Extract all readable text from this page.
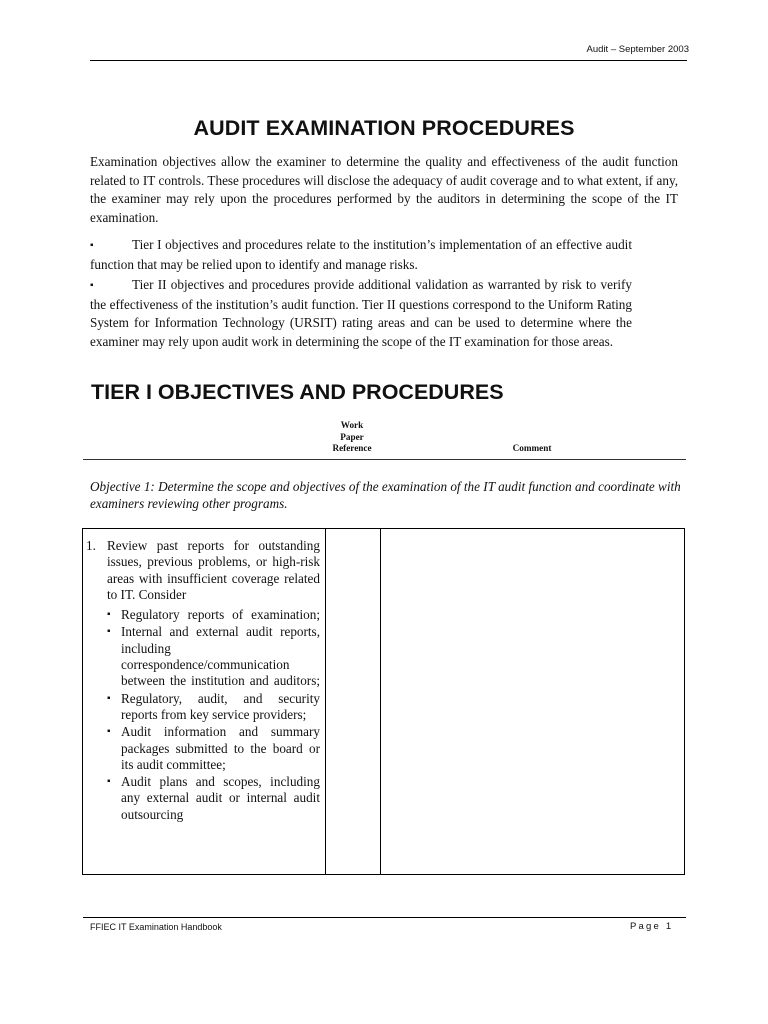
Audit – September 2003
AUDIT EXAMINATION PROCEDURES

Examination objectives allow the examiner to determine the quality and effectiveness of the audit function related to IT controls. These procedures will disclose the adequacy of audit coverage and to what extent, if any, the examiner may rely upon the procedures performed by the auditors in determining the scope of the IT examination.

▪	Tier I objectives and procedures relate to the institution’s implementation of an effective audit function that may be relied upon to identify and manage risks.
▪	Tier II objectives and procedures provide additional validation as warranted by risk to verify the effectiveness of the institution’s audit function. Tier II questions correspond to the Uniform Rating System for Information Technology (URSIT) rating areas and can be used to determine where the examiner may rely upon audit work in determining the scope of the IT examination for those areas.
TIER I OBJECTIVES AND PROCEDURES
Work
Paper
Reference	Comment

Objective 1: Determine the scope and objectives of the examination of the IT audit function and coordinate with examiners reviewing other programs.

1. Review past reports for outstanding issues, previous problems, or high-risk areas with insufficient coverage related to IT. Consider
▪ Regulatory reports of examination;
▪ Internal and external audit reports, including correspondence/communication between the institution and auditors;
▪ Regulatory, audit, and security reports from key service providers;
▪ Audit information and summary packages submitted to the board or its audit committee;
▪ Audit plans and scopes, including any external audit or internal audit outsourcing
FFIEC IT Examination Handbook	Page 1
